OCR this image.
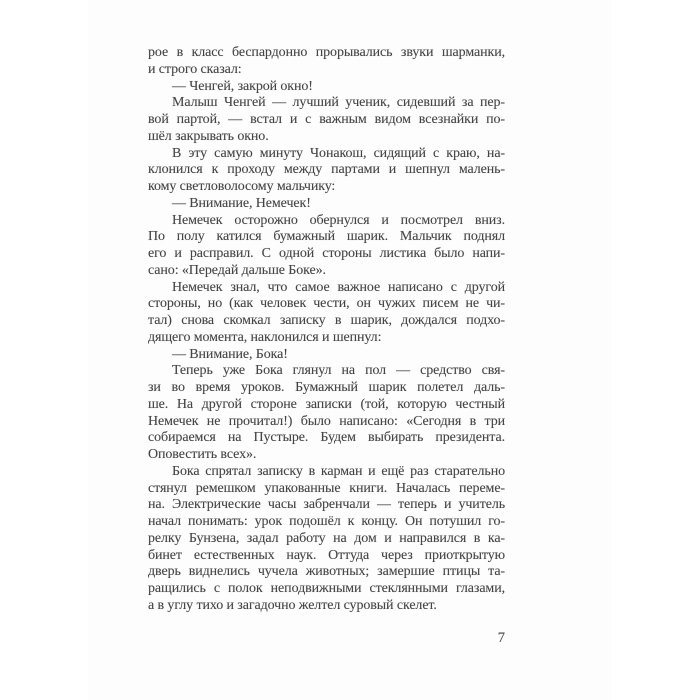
рое в класс беспардонно прорывались звуки шарманки,
и строго сказал:
— Ченгей, закрой окно!
Малыш Ченгей — лучший ученик, сидевший за пер-
вой партой, — встал и с важным видом всезнайки по-
шёл закрывать окно.
В эту самую минуту Чонакош, сидящий с краю, на-
клонился к проходу между партами и шепнул малень-
кому светловолосому мальчику:
— Внимание, Немечек!
Немечек осторожно обернулся и посмотрел вниз.
По полу катился бумажный шарик. Мальчик поднял
его и расправил. С одной стороны листика было напи-
сано: «Передай дальше Боке».
Немечек знал, что самое важное написано с другой
стороны, но (как человек чести, он чужих писем не чи-
тал) снова скомкал записку в шарик, дождался подхо-
дящего момента, наклонился и шепнул:
— Внимание, Бока!
Теперь уже Бока глянул на пол — средство свя-
зи во время уроков. Бумажный шарик полетел даль-
ше. На другой стороне записки (той, которую честный
Немечек не прочитал!) было написано: «Сегодня в три
собираемся на Пустыре. Будем выбирать президента.
Оповестить всех».
Бока спрятал записку в карман и ещё раз старательно
стянул ремешком упакованные книги. Началась переме-
на. Электрические часы забренчали — теперь и учитель
начал понимать: урок подошёл к концу. Он потушил го-
релку Бунзена, задал работу на дом и направился в ка-
бинет естественных наук. Оттуда через приоткрытую
дверь виднелись чучела животных; замершие птицы та-
ращились с полок неподвижными стеклянными глазами,
а в углу тихо и загадочно желтел суровый скелет.
7
